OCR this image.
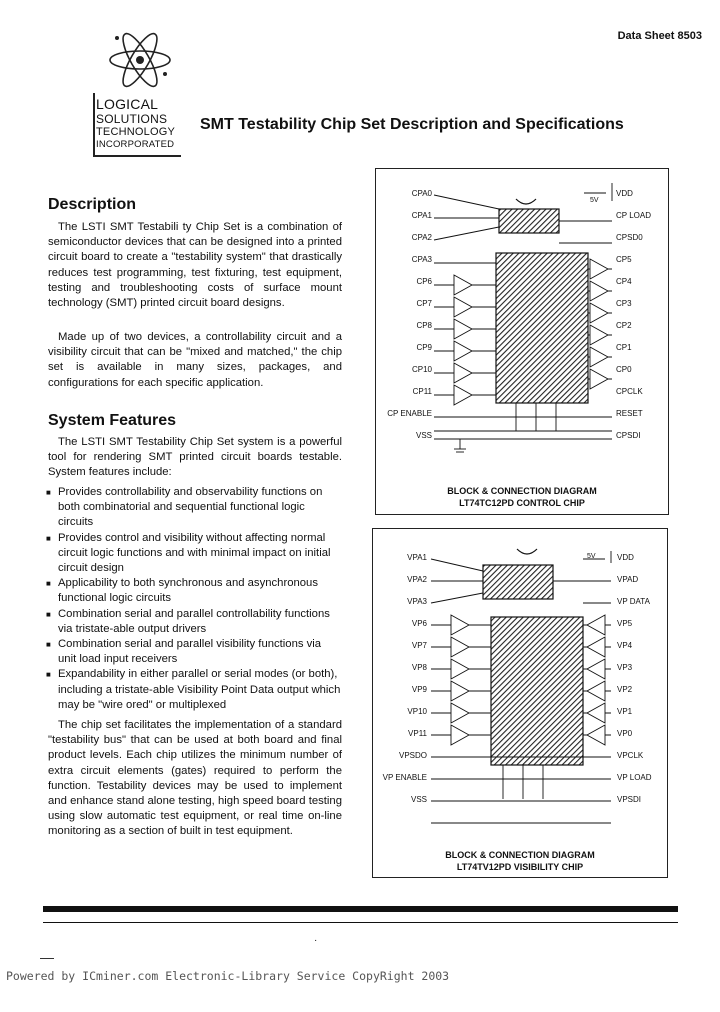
Data Sheet 8503
LOGICAL
SOLUTIONS
TECHNOLOGY
INCORPORATED
SMT Testability Chip Set Description and Specifications
Description
The LSTI SMT Testabili ty Chip Set is a combination of semiconductor devices that can be designed into a printed circuit board to create a "testability system" that drastically reduces test programming, test fixturing, test equipment, testing and troubleshooting costs of surface mount technology (SMT) printed circuit board designs.
Made up of two devices, a controllability circuit and a visibility circuit that can be "mixed and matched," the chip set is available in many sizes, packages, and configurations for each specific application.
System Features
The LSTI SMT Testability Chip Set system is a powerful tool for rendering SMT printed circuit boards testable. System features include:
■ Provides controllability and observability functions on both combinatorial and sequential functional logic circuits
■ Provides control and visibility without affecting normal circuit logic functions and with minimal impact on initial circuit design
■ Applicability to both synchronous and asynchronous functional logic circuits
■ Combination serial and parallel controllability functions via tristate-able output drivers
■ Combination serial and parallel visibility functions via unit load input receivers
■ Expandability in either parallel or serial modes (or both), including a tristate-able Visibility Point Data output which may be "wire ored" or multiplexed
The chip set facilitates the implementation of a standard "testability bus" that can be used at both board and final product levels. Each chip utilizes the minimum number of extra circuit elements (gates) required to perform the function. Testability devices may be used to implement and enhance stand alone testing, high speed board testing using slow automatic test equipment, or real time on-line monitoring as a section of built in test equipment.
CPA0
CPA1
CPA2
CPA3
CP6
CP7
CP8
CP9
CP10
CP11
CP ENABLE
VSS
VDD
CP LOAD
CPSD0
CP5
CP4
CP3
CP2
CP1
CP0
CPCLK
RESET
CPSDI
5V
BLOCK & CONNECTION DIAGRAM
LT74TC12PD CONTROL CHIP
VPA1
VPA2
VPA3
VP6
VP7
VP8
VP9
VP10
VP11
VPSDO
VP ENABLE
VSS
VDD
VPAD
VP DATA
VP5
VP4
VP3
VP2
VP1
VP0
VPCLK
VP LOAD
VPSDI
5V
BLOCK & CONNECTION DIAGRAM
LT74TV12PD VISIBILITY CHIP
·
Powered by ICminer.com Electronic-Library Service CopyRight 2003
